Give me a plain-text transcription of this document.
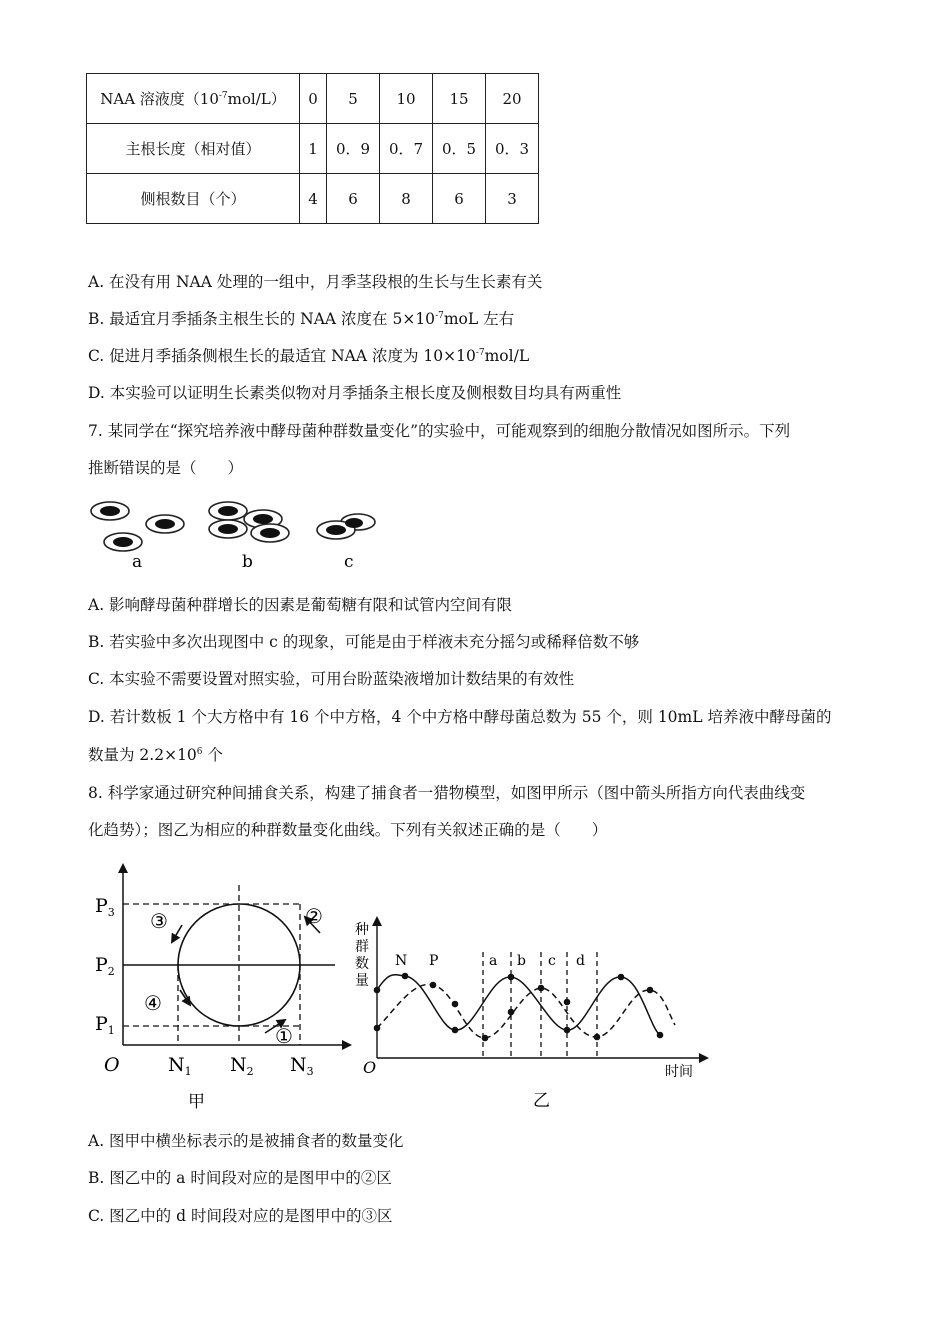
NAA 溶液度$(10^{-7}mol/L)$	0	5	10	15	20
主根长度（相对值）	1	0．9	0．7	0．5	0．3
侧根数目（个）	4	6	8	6	3
A. 在没有用 NAA 处理的一组中，月季茎段根的生长与生长素有关
B. 最适宜月季插条主根生长的 NAA 浓度在 $5\times 10^{-7}moL$ 左右
C. 促进月季插条侧根生长的最适宜 NAA 浓度为 $10\times 10^{-7}mol/L$
D. 本实验可以证明生长素类似物对月季插条主根长度及侧根数目均具有两重性
7. 某同学在“探究培养液中酵母菌种群数量变化”的实验中，可能观察到的细胞分散情况如图所示。下列
推断错误的是（　　）
a	b	c
A. 影响酵母菌种群增长的因素是葡萄糖有限和试管内空间有限
B. 若实验中多次出现图中 c 的现象，可能是由于样液未充分摇匀或稀释倍数不够
C. 本实验不需要设置对照实验，可用台盼蓝染液增加计数结果的有效性
D. 若计数板 1 个大方格中有 16 个中方格，4 个中方格中酵母菌总数为 55 个，则 10mL 培养液中酵母菌的
数量为 $2.2\times 10^6$ 个
8. 科学家通过研究种间捕食关系，构建了捕食者一猎物模型，如图甲所示（图中箭头所指方向代表曲线变
化趋势）；图乙为相应的种群数量变化曲线。下列有关叙述正确的是（　　）
③	②
④
①
$P_3$
$P_2$
$P_1$
O	$N_1$ $N_2$ $N_3$
甲
种
群
数
量
O	时间
N P	a b c d
乙
A. 图甲中横坐标表示的是被捕食者的数量变化
B. 图乙中的 a 时间段对应的是图甲中的②区
C. 图乙中的 d 时间段对应的是图甲中的③区
